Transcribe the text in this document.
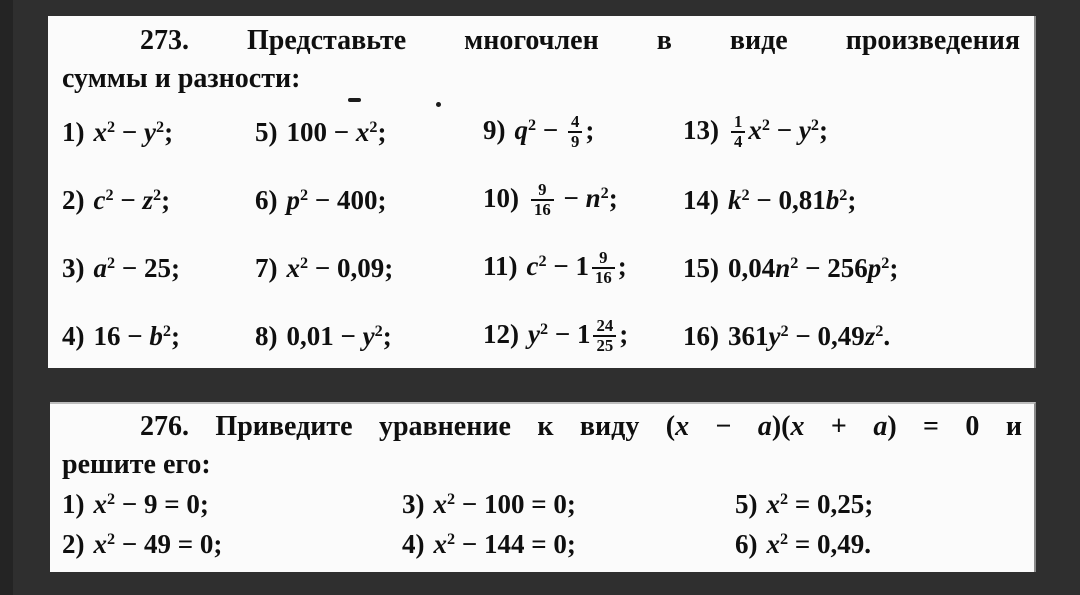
273. Представьте многочлен в виде произведения

суммы и разности:

1) $x^2 - y^2$;	5) $100 - x^2$;	9) $q^2 - \frac{4}{9}$ ;	$13) \frac{1}{4} x^2 - y^2$;
2) $c^2 - z^2$;	6) $p^2 - 400$;	$10) \frac{9}{16} - n^2$;	14) $k^2 - 0,81b^2$;
3) $a^2 - 25$;	7) $x^2 - 0,09$;	11) $c^2 - 1 \frac{9}{16}$ ;	15) $0,04n^2 - 256p^2$;
4) $16 - b^2$;	8) $0,01 - y^2$;	12) $y^2 - 1 \frac{24}{25}$ ;	16) $361y^2 - 0,49z^2$.

276. Приведите уравнение к виду (x − a)(x + a) = 0 и

решите его:

1) $x^2 - 9 = 0$;	3) $x^2 - 100 = 0$;	5) $x^2 = 0,25$;
2) $x^2 - 49 = 0$;	4) $x^2 - 144 = 0$;	6) $x^2 = 0,49$.
